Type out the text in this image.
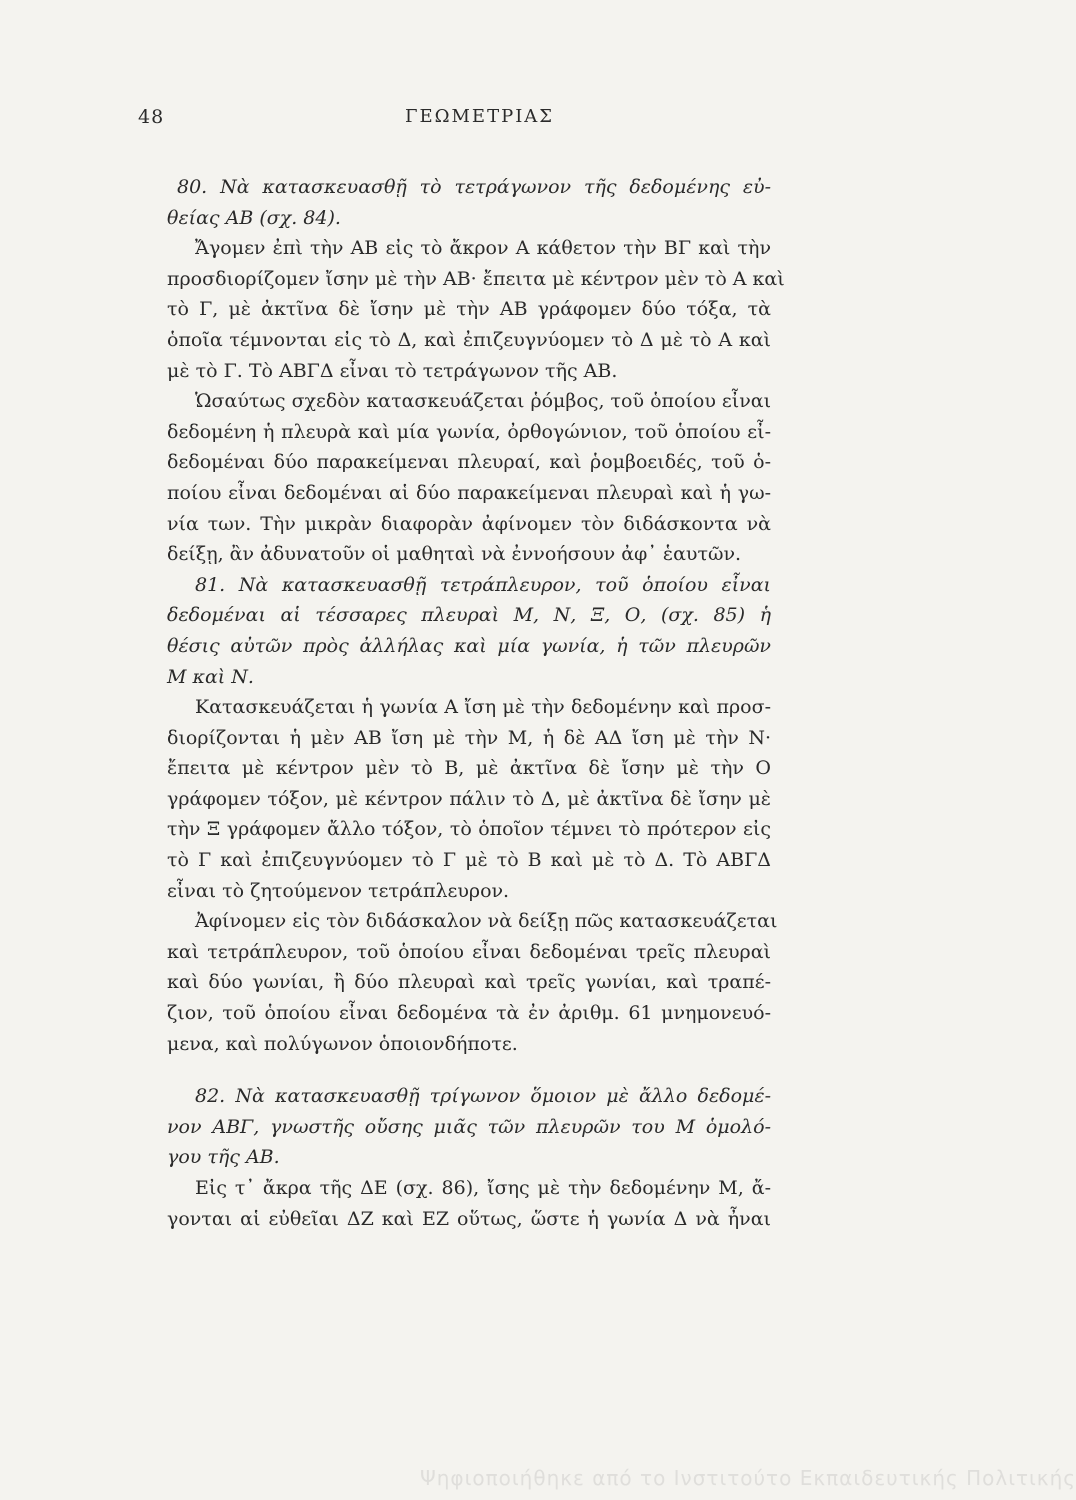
48	ΓΕΩΜΕΤΡΙΑΣ
80. Νὰ κατασκευασθῇ τὸ τετράγωνον τῆς δεδομένης εὐ-
θείας ΑΒ (σχ. 84).
Ἄγομεν ἐπὶ τὴν ΑΒ εἰς τὸ ἄκρον Α κάθετον τὴν ΒΓ καὶ τὴν
προσδιορίζομεν ἴσην μὲ τὴν ΑΒ· ἔπειτα μὲ κέντρον μὲν τὸ Α καὶ
τὸ Γ, μὲ ἀκτῖνα δὲ ἴσην μὲ τὴν ΑΒ γράφομεν δύο τόξα, τὰ
ὁποῖα τέμνονται εἰς τὸ Δ, καὶ ἐπιζευγνύομεν τὸ Δ μὲ τὸ Α καὶ
μὲ τὸ Γ. Τὸ ΑΒΓΔ εἶναι τὸ τετράγωνον τῆς ΑΒ.
Ὡσαύτως σχεδὸν κατασκευάζεται ῥόμβος, τοῦ ὁποίου εἶναι
δεδομένη ἡ πλευρὰ καὶ μία γωνία, ὀρθογώνιον, τοῦ ὁποίου εἶ-
δεδομέναι δύο παρακείμεναι πλευραί, καὶ ῥομβοειδές, τοῦ ὁ-
ποίου εἶναι δεδομέναι αἱ δύο παρακείμεναι πλευραὶ καὶ ἡ γω-
νία των. Τὴν μικρὰν διαφορὰν ἀφίνομεν τὸν διδάσκοντα νὰ
δείξῃ, ἂν ἀδυνατοῦν οἱ μαθηταὶ νὰ ἐννοήσουν ἀφ᾽ ἑαυτῶν.
81. Νὰ κατασκευασθῇ τετράπλευρον, τοῦ ὁποίου εἶναι
δεδομέναι αἱ τέσσαρες πλευραὶ Μ, Ν, Ξ, Ο, (σχ. 85) ἡ
θέσις αὐτῶν πρὸς ἀλλήλας καὶ μία γωνία, ἡ τῶν πλευρῶν
Μ καὶ Ν.
Κατασκευάζεται ἡ γωνία Α ἴση μὲ τὴν δεδομένην καὶ προσ-
διορίζονται ἡ μὲν ΑΒ ἴση μὲ τὴν Μ, ἡ δὲ ΑΔ ἴση μὲ τὴν Ν·
ἔπειτα μὲ κέντρον μὲν τὸ Β, μὲ ἀκτῖνα δὲ ἴσην μὲ τὴν Ο
γράφομεν τόξον, μὲ κέντρον πάλιν τὸ Δ, μὲ ἀκτῖνα δὲ ἴσην μὲ
τὴν Ξ γράφομεν ἄλλο τόξον, τὸ ὁποῖον τέμνει τὸ πρότερον εἰς
τὸ Γ καὶ ἐπιζευγνύομεν τὸ Γ μὲ τὸ Β καὶ μὲ τὸ Δ. Τὸ ΑΒΓΔ
εἶναι τὸ ζητούμενον τετράπλευρον.
Ἀφίνομεν εἰς τὸν διδάσκαλον νὰ δείξῃ πῶς κατασκευάζεται
καὶ τετράπλευρον, τοῦ ὁποίου εἶναι δεδομέναι τρεῖς πλευραὶ
καὶ δύο γωνίαι, ἢ δύο πλευραὶ καὶ τρεῖς γωνίαι, καὶ τραπέ-
ζιον, τοῦ ὁποίου εἶναι δεδομένα τὰ ἐν ἀριθμ. 61 μνημονευό-
μενα, καὶ πολύγωνον ὁποιονδήποτε.
82. Νὰ κατασκευασθῇ τρίγωνον ὅμοιον μὲ ἄλλο δεδομέ-
νον ΑΒΓ, γνωστῆς οὔσης μιᾶς τῶν πλευρῶν του Μ ὁμολό-
γου τῆς ΑΒ.
Εἰς τ᾽ ἄκρα τῆς ΔΕ (σχ. 86), ἴσης μὲ τὴν δεδομένην Μ, ἄ-
γονται αἱ εὐθεῖαι ΔΖ καὶ ΕΖ οὕτως, ὥστε ἡ γωνία Δ νὰ ἦναι
Ψηφιοποιήθηκε από το Ινστιτούτο Εκπαιδευτικής Πολιτικής
